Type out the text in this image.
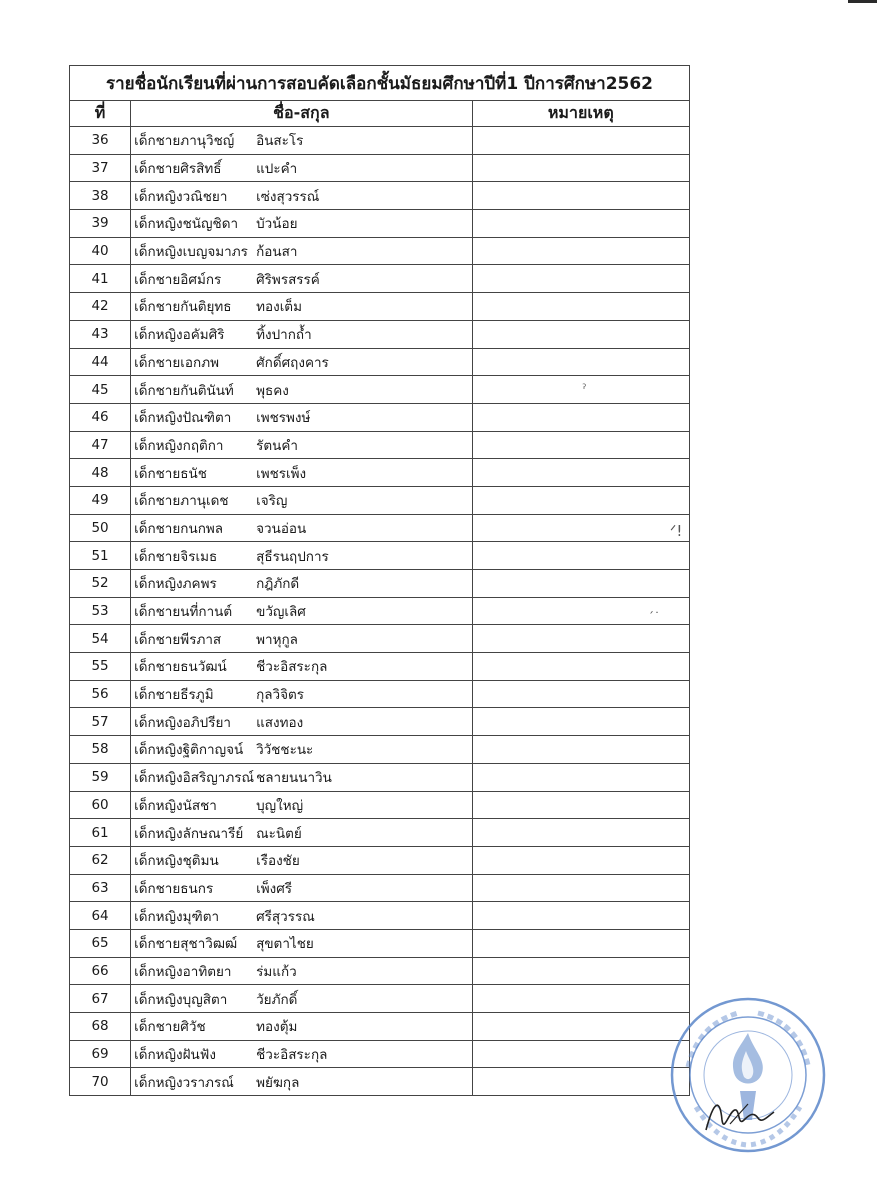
รายชื่อนักเรียนที่ผ่านการสอบคัดเลือกชั้นมัธยมศึกษาปีที่1 ปีการศึกษา2562		
ที่	ชื่อ-สกุล	หมายเหตุ
36	เด็กชายภานุวิชญ์ อินสะโร	

37	เด็กชายศิรสิทธิ์ แปะคำ	

38	เด็กหญิงวณิชยา เซ่งสุวรรณ์	

39	เด็กหญิงชนัญชิดา บัวน้อย	

40	เด็กหญิงเบญจมาภร ก้อนสา	

41	เด็กชายอิศม์กร ศิริพรสรรค์	

42	เด็กชายกันติยุทธ ทองเต็ม	

43	เด็กหญิงอคัมศิริ ทิ้งปากถ้ำ	

44	เด็กชายเอกภพ ศักดิ์ศฤงคาร	

45	เด็กชายกันตินันท์ พุธคง	

46	เด็กหญิงปัณฑิตา เพชรพงษ์	

47	เด็กหญิงกฤติกา รัตนคำ	

48	เด็กชายธนัช เพชรเพ็ง	

49	เด็กชายภานุเดช เจริญ	

50	เด็กชายกนกพล จวนอ่อน	

51	เด็กชายจิรเมธ สุธีรนฤปการ	

52	เด็กหญิงภคพร กฎิภักดี	

53	เด็กชายนที่กานต์ ขวัญเลิศ	

54	เด็กชายพีรภาส พาหุกูล	

55	เด็กชายธนวัฒน์ ชีวะอิสระกุล	

56	เด็กชายธีรภูมิ กุลวิจิตร	

57	เด็กหญิงอภิปรียา แสงทอง	

58	เด็กหญิงฐิติกาญจน์ วิวัชชะนะ	

59	เด็กหญิงอิสริญาภรณ์ ชลายนนาวิน	

60	เด็กหญิงนัสชา บุญใหญ่	

61	เด็กหญิงลักษณารีย์ ณะนิตย์	

62	เด็กหญิงชุติมน เรืองชัย	

63	เด็กชายธนกร เพ็งศรี	

64	เด็กหญิงมุฑิตา ศรีสุวรรณ	

65	เด็กชายสุชาวิฒฒ์ สุขตาไชย	

66	เด็กหญิงอาทิตยา ร่มแก้ว	

67	เด็กหญิงบุญสิตา วัยภักดิ์	

68	เด็กชายศิวัช ทองตุ้ม	

69	เด็กหญิงฝันฟัง ชีวะอิสระกุล	

70	เด็กหญิงวราภรณ์ พยัฆกุล	

ˀ
ᐟ!
ˊ˙
